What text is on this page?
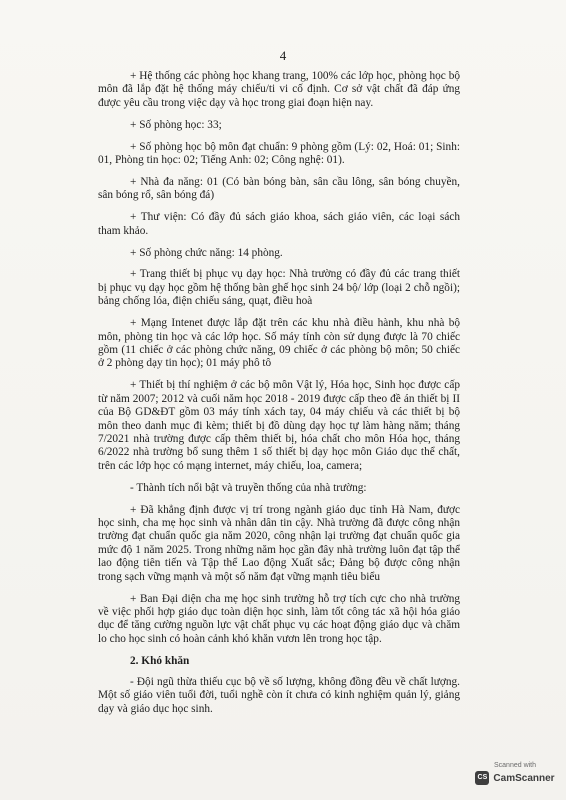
4

+ Hệ thống các phòng học khang trang, 100% các lớp học, phòng học bộ môn đã lắp đặt hệ thống máy chiếu/ti vi cố định. Cơ sở vật chất đã đáp ứng được yêu cầu trong việc dạy và học trong giai đoạn hiện nay.

+ Số phòng học: 33;

+ Số phòng học bộ môn đạt chuẩn: 9 phòng gồm (Lý: 02, Hoá: 01; Sinh: 01, Phòng tin học: 02; Tiếng Anh: 02; Công nghệ: 01).

+ Nhà đa năng: 01 (Có bàn bóng bàn, sân cầu lông, sân bóng chuyền, sân bóng rổ, sân bóng đá)

+ Thư viện: Có đầy đủ sách giáo khoa, sách giáo viên, các loại sách tham khảo.

+ Số phòng chức năng: 14 phòng.

+ Trang thiết bị phục vụ dạy học: Nhà trường có đầy đủ các trang thiết bị phục vụ dạy học gồm hệ thống bàn ghế học sinh 24 bộ/ lớp (loại 2 chỗ ngồi); bảng chống lóa, điện chiếu sáng, quạt, điều hoà

+ Mạng Intenet được lắp đặt trên các khu nhà điều hành, khu nhà bộ môn, phòng tin học và các lớp học. Số máy tính còn sử dụng được là 70 chiếc gồm (11 chiếc ở các phòng chức năng, 09 chiếc ở các phòng bộ môn; 50 chiếc ở 2 phòng dạy tin học); 01 máy phô tô

+ Thiết bị thí nghiệm ở các bộ môn Vật lý, Hóa học, Sinh học được cấp từ năm 2007; 2012 và cuối năm học 2018 - 2019 được cấp theo đề án thiết bị II của Bộ GD&ĐT gồm 03 máy tính xách tay, 04 máy chiếu và các thiết bị bộ môn theo danh mục đi kèm; thiết bị đồ dùng dạy học tự làm hàng năm; tháng 7/2021 nhà trường được cấp thêm thiết bị, hóa chất cho môn Hóa học, tháng 6/2022 nhà trường bổ sung thêm 1 số thiết bị dạy học môn Giáo dục thể chất, trên các lớp học có mạng internet, máy chiếu, loa, camera;

- Thành tích nổi bật và truyền thống của nhà trường:

+ Đã khẳng định được vị trí trong ngành giáo dục tỉnh Hà Nam, được học sinh, cha mẹ học sinh và nhân dân tin cậy. Nhà trường đã được công nhận trường đạt chuẩn quốc gia năm 2020, công nhận lại trường đạt chuẩn quốc gia mức độ 1 năm 2025. Trong những năm học gần đây nhà trường luôn đạt tập thể lao động tiên tiến và Tập thể Lao động Xuất sắc; Đảng bộ được công nhận trong sạch vững mạnh và một số năm đạt vững mạnh tiêu biểu

+ Ban Đại diện cha mẹ học sinh trường hỗ trợ tích cực cho nhà trường về việc phối hợp giáo dục toàn diện học sinh, làm tốt công tác xã hội hóa giáo dục để tăng cường nguồn lực vật chất phục vụ các hoạt động giáo dục và chăm lo cho học sinh có hoàn cảnh khó khăn vươn lên trong học tập.

2. Khó khăn

- Đội ngũ thừa thiếu cục bộ về số lượng, không đồng đều về chất lượng. Một số giáo viên tuổi đời, tuổi nghề còn ít chưa có kinh nghiệm quản lý, giảng dạy và giáo dục học sinh.

Scanned with
CS CamScanner
